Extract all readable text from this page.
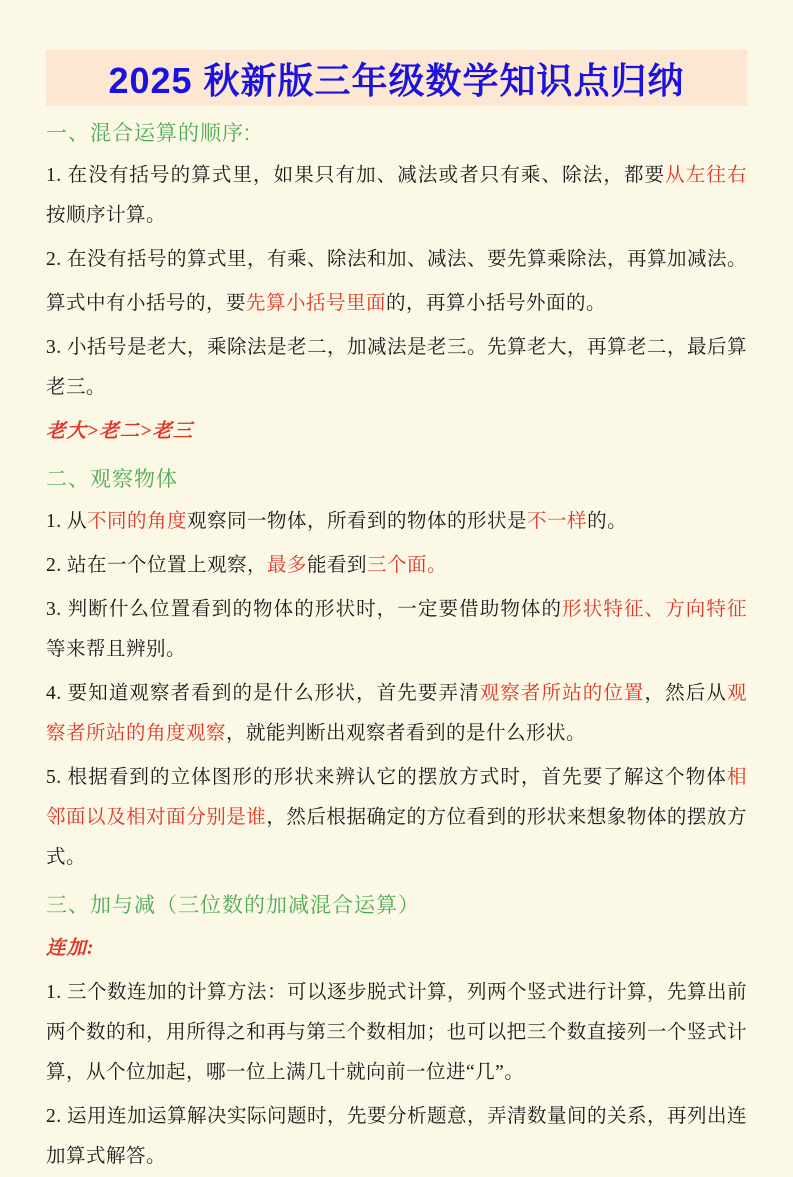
2025 秋新版三年级数学知识点归纳
一、混合运算的顺序:

1. 在没有括号的算式里，如果只有加、减法或者只有乘、除法，都要从左往右按顺序计算。

2. 在没有括号的算式里，有乘、除法和加、减法、要先算乘除法，再算加减法。

算式中有小括号的，要先算小括号里面的，再算小括号外面的。

3. 小括号是老大，乘除法是老二，加减法是老三。先算老大，再算老二，最后算老三。

老大>老二>老三

二、观察物体

1. 从不同的角度观察同一物体，所看到的物体的形状是不一样的。

2. 站在一个位置上观察，最多能看到三个面。

3. 判断什么位置看到的物体的形状时，一定要借助物体的形状特征、方向特征等来帮且辨别。

4. 要知道观察者看到的是什么形状，首先要弄清观察者所站的位置，然后从观察者所站的角度观察，就能判断出观察者看到的是什么形状。

5. 根据看到的立体图形的形状来辨认它的摆放方式时，首先要了解这个物体相邻面以及相对面分别是谁，然后根据确定的方位看到的形状来想象物体的摆放方式。

三、加与减（三位数的加减混合运算）

连加:

1. 三个数连加的计算方法：可以逐步脱式计算，列两个竖式进行计算，先算出前两个数的和，用所得之和再与第三个数相加；也可以把三个数直接列一个竖式计算，从个位加起，哪一位上满几十就向前一位进“几”。

2. 运用连加运算解决实际问题时，先要分析题意，弄清数量间的关系，再列出连加算式解答。
